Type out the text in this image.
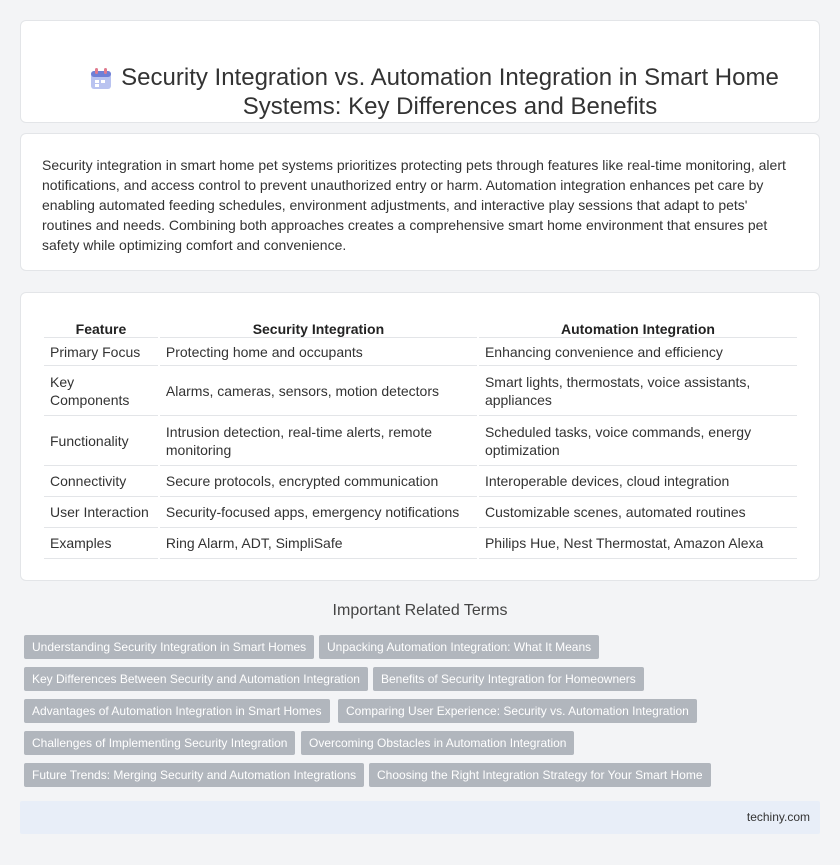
Security Integration vs. Automation Integration in Smart Home Systems: Key Differences and Benefits

Security integration in smart home pet systems prioritizes protecting pets through features like real-time monitoring, alert notifications, and access control to prevent unauthorized entry or harm. Automation integration enhances pet care by enabling automated feeding schedules, environment adjustments, and interactive play sessions that adapt to pets' routines and needs. Combining both approaches creates a comprehensive smart home environment that ensures pet safety while optimizing comfort and convenience.

Feature	Security Integration	Automation Integration
Primary Focus	Protecting home and occupants	Enhancing convenience and efficiency
Key Components	Alarms, cameras, sensors, motion detectors	Smart lights, thermostats, voice assistants, appliances
Functionality	Intrusion detection, real-time alerts, remote monitoring	Scheduled tasks, voice commands, energy optimization
Connectivity	Secure protocols, encrypted communication	Interoperable devices, cloud integration
User Interaction	Security-focused apps, emergency notifications	Customizable scenes, automated routines
Examples	Ring Alarm, ADT, SimpliSafe	Philips Hue, Nest Thermostat, Amazon Alexa
Important Related Terms
Understanding Security Integration in Smart Homes	Unpacking Automation Integration: What It Means
Key Differences Between Security and Automation Integration	Benefits of Security Integration for Homeowners
Advantages of Automation Integration in Smart Homes	Comparing User Experience: Security vs. Automation Integration
Challenges of Implementing Security Integration	Overcoming Obstacles in Automation Integration
Future Trends: Merging Security and Automation Integrations	Choosing the Right Integration Strategy for Your Smart Home
techiny.com
